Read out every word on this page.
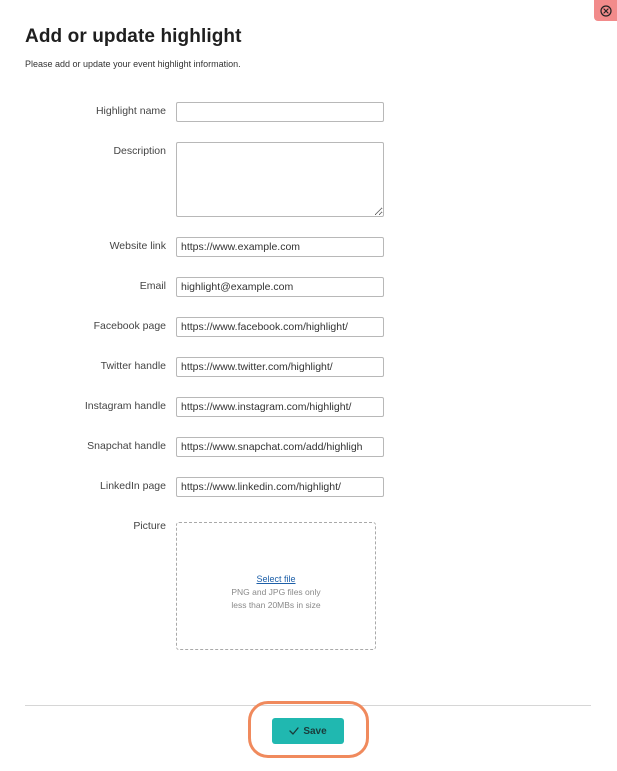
Add or update highlight
Please add or update your event highlight information.
Highlight name
Description
Website link
https://www.example.com
Email
highlight@example.com
Facebook page
https://www.facebook.com/highlight/
Twitter handle
https://www.twitter.com/highlight/
Instagram handle
https://www.instagram.com/highlight/
Snapchat handle
https://www.snapchat.com/add/highligh
LinkedIn page
https://www.linkedin.com/highlight/
Picture
Select file
PNG and JPG files only
less than 20MBs in size
Save
